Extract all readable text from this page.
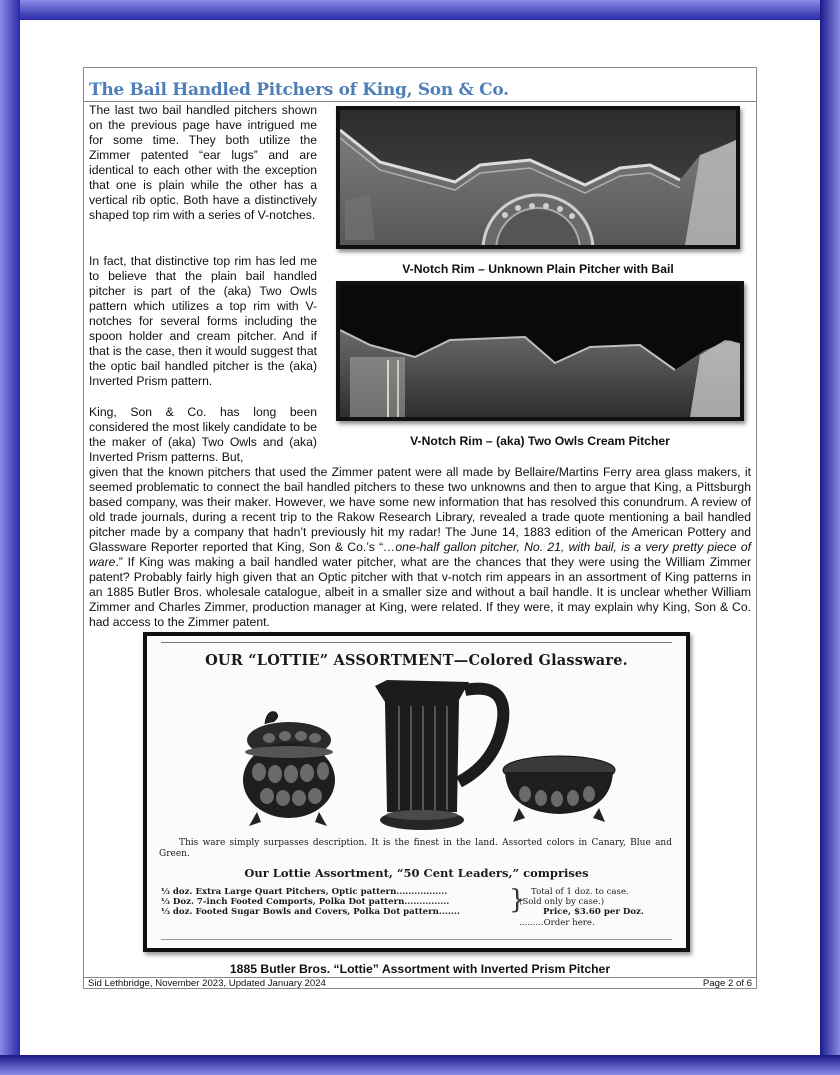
The Bail Handled Pitchers of King, Son & Co.
The last two bail handled pitchers shown on the previous page have intrigued me for some time. They both utilize the Zimmer patented “ear lugs” and are identical to each other with the exception that one is plain while the other has a vertical rib optic. Both have a distinctively shaped top rim with a series of V-notches.
In fact, that distinctive top rim has led me to believe that the plain bail handled pitcher is part of the (aka) Two Owls pattern which utilizes a top rim with V-notches for several forms including the spoon holder and cream pitcher. And if that is the case, then it would suggest that the optic bail handled pitcher is the (aka) Inverted Prism pattern.
King, Son & Co. has long been considered the most likely candidate to be the maker of (aka) Two Owls and (aka) Inverted Prism patterns. But,
given that the known pitchers that used the Zimmer patent were all made by Bellaire/Martins Ferry area glass makers, it seemed problematic to connect the bail handled pitchers to these two unknowns and then to argue that King, a Pittsburgh based company, was their maker. However, we have some new information that has resolved this conundrum. A review of old trade journals, during a recent trip to the Rakow Research Library, revealed a trade quote mentioning a bail handled pitcher made by a company that hadn’t previously hit my radar! The June 14, 1883 edition of the American Pottery and Glassware Reporter reported that King, Son & Co.’s “…one-half gallon pitcher, No. 21, with bail, is a very pretty piece of ware.” If King was making a bail handled water pitcher, what are the chances that they were using the William Zimmer patent? Probably fairly high given that an Optic pitcher with that v-notch rim appears in an assortment of King patterns in an 1885 Butler Bros. wholesale catalogue, albeit in a smaller size and without a bail handle. It is unclear whether William Zimmer and Charles Zimmer, production manager at King, were related. If they were, it may explain why King, Son & Co. had access to the Zimmer patent.
V-Notch Rim – Unknown Plain Pitcher with Bail
V-Notch Rim – (aka) Two Owls Cream Pitcher
OUR “LOTTIE” ASSORTMENT—Colored Glassware.
This ware simply surpasses description. It is the finest in the land. Assorted colors in Canary, Blue and Green.
Our Lottie Assortment, “50 Cent Leaders,” comprises
⅓ doz. Extra Large Quart Pitchers, Optic pattern.................
⅓ Doz. 7-inch Footed Comports, Polka Dot pattern...............
⅓ doz. Footed Sugar Bowls and Covers, Polka Dot pattern.......	} Total of 1 doz. to case.
(Sold only by case.)
Price, $3.60 per Doz.
.........Order here.
1885 Butler Bros. “Lottie” Assortment with Inverted Prism Pitcher
Sid Lethbridge, November 2023, Updated January 2024	Page 2 of 6
